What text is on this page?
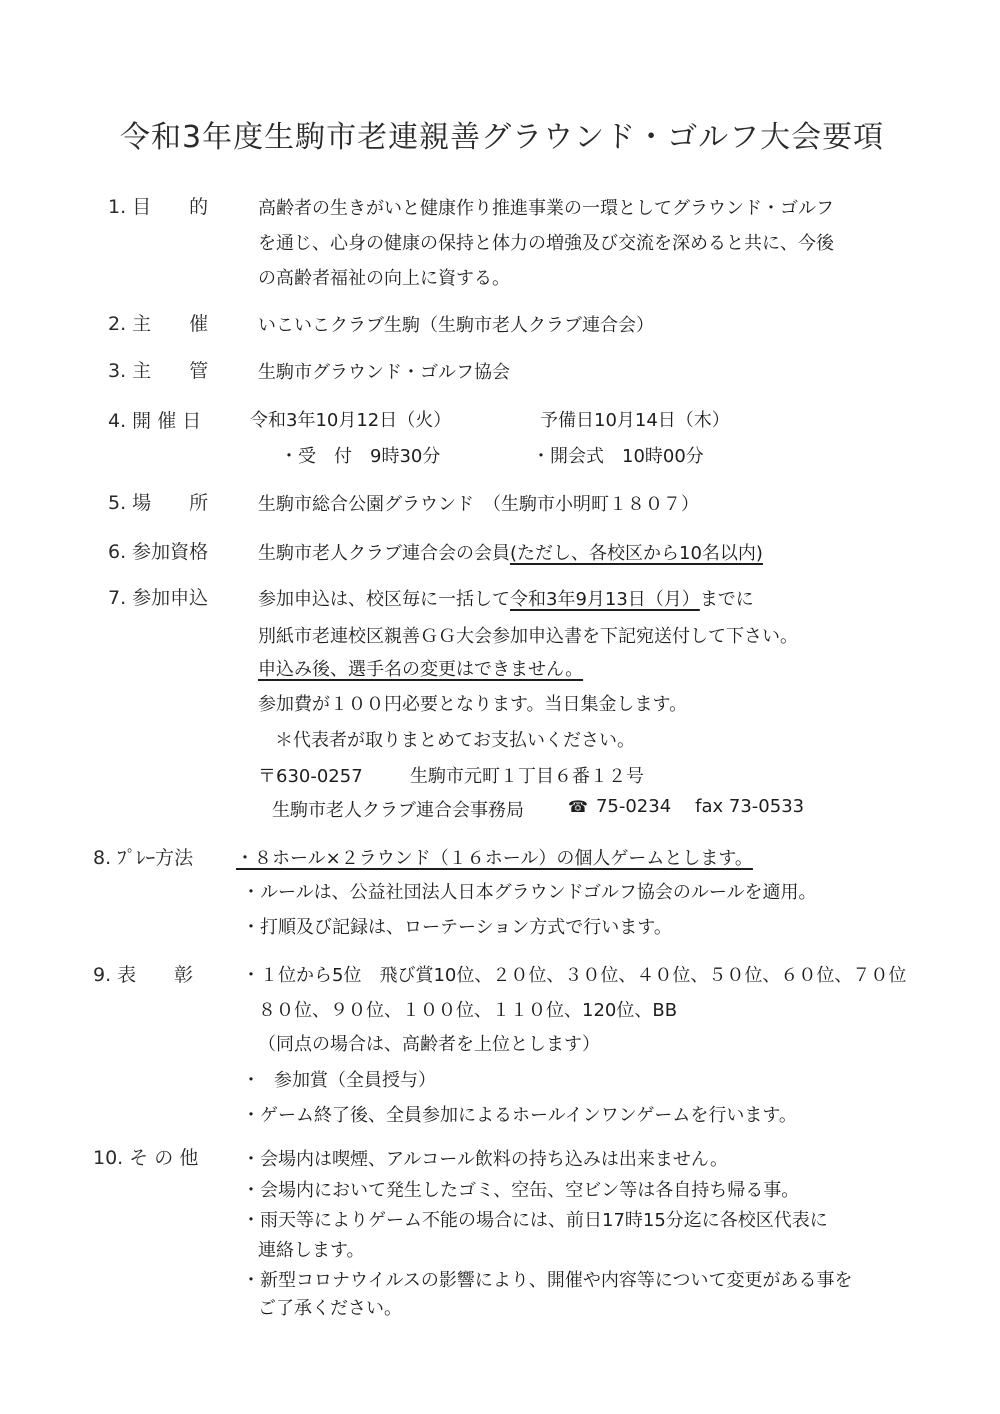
令和3年度生駒市老連親善グラウンド・ゴルフ大会要項
1. 目　　的	高齢者の生きがいと健康作り推進事業の一環としてグラウンド・ゴルフ
を通じ、心身の健康の保持と体力の増強及び交流を深めると共に、今後
の高齢者福祉の向上に資する。
2. 主　　催	いこいこクラブ生駒（生駒市老人クラブ連合会）
3. 主　　管	生駒市グラウンド・ゴルフ協会
4. 開 催 日	令和3年10月12日（火）	予備日10月14日（木）
・受　付　9時30分	・開会式　10時00分
5. 場　　所	生駒市総合公園グラウンド　（生駒市小明町１８０７）
6. 参加資格	生駒市老人クラブ連合会の会員(ただし、各校区から10名以内)
7. 参加申込	参加申込は、校区毎に一括して令和3年9月13日（月）までに
別紙市老連校区親善ＧＧ大会参加申込書を下記宛送付して下さい。
申込み後、選手名の変更はできません。
参加費が１００円必要となります。当日集金します。
＊代表者が取りまとめてお支払いください。
〒630-0257	生駒市元町１丁目６番１２号
生駒市老人クラブ連合会事務局	☎ 75-0234 fax 73-0533
8. ﾌﾟﾚｰ方法 ・８ホール×２ラウンド（１６ホール）の個人ゲームとします。
・ルールは、公益社団法人日本グラウンドゴルフ協会のルールを適用。
・打順及び記録は、ローテーション方式で行います。
9. 表　　彰	・１位から5位　飛び賞10位、２０位、３０位、４０位、５０位、６０位、７０位
８０位、９０位、１００位、１１０位、120位、BB
（同点の場合は、高齢者を上位とします）
・ 参加賞（全員授与）
・ゲーム終了後、全員参加によるホールインワンゲームを行います。
10. そ の 他 ・会場内は喫煙、アルコール飲料の持ち込みは出来ません。
・会場内において発生したゴミ、空缶、空ビン等は各自持ち帰る事。
・雨天等によりゲーム不能の場合には、前日17時15分迄に各校区代表に
連絡します。
・新型コロナウイルスの影響により、開催や内容等について変更がある事を
ご了承ください。
